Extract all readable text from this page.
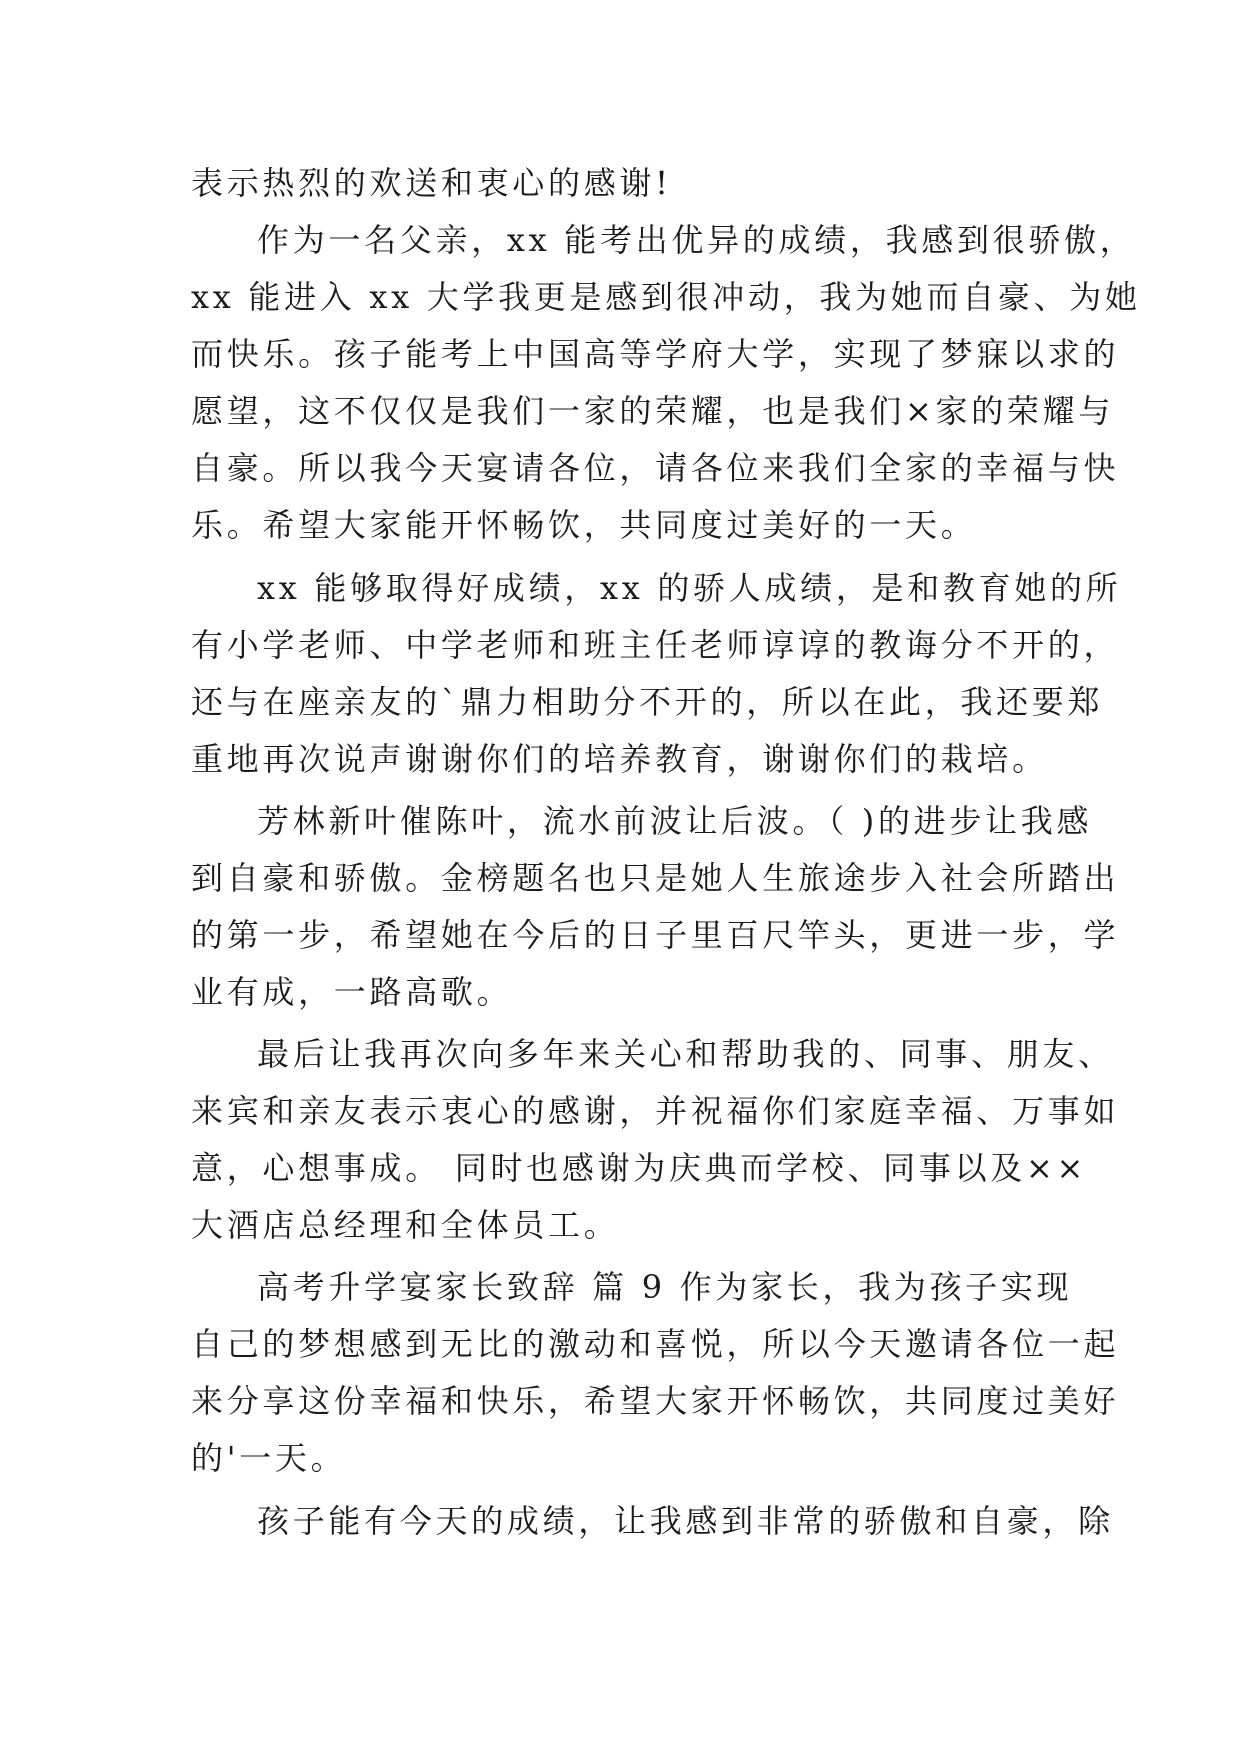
表示热烈的欢送和衷心的感谢!
作为一名父亲，xx 能考出优异的成绩，我感到很骄傲，
xx 能进入 xx 大学我更是感到很冲动，我为她而自豪、为她
而快乐。孩子能考上中国高等学府大学，实现了梦寐以求的
愿望，这不仅仅是我们一家的荣耀，也是我们×家的荣耀与
自豪。所以我今天宴请各位，请各位来我们全家的幸福与快
乐。希望大家能开怀畅饮，共同度过美好的一天。
xx 能够取得好成绩，xx 的骄人成绩，是和教育她的所
有小学老师、中学老师和班主任老师谆谆的教诲分不开的，
还与在座亲友的`鼎力相助分不开的，所以在此，我还要郑
重地再次说声谢谢你们的培养教育，谢谢你们的栽培。
芳林新叶催陈叶，流水前波让后波。（ )的进步让我感
到自豪和骄傲。金榜题名也只是她人生旅途步入社会所踏出
的第一步，希望她在今后的日子里百尺竿头，更进一步，学
业有成，一路高歌。
最后让我再次向多年来关心和帮助我的、同事、朋友、
来宾和亲友表示衷心的感谢，并祝福你们家庭幸福、万事如
意，心想事成。 同时也感谢为庆典而学校、同事以及××
大酒店总经理和全体员工。
高考升学宴家长致辞 篇 9 作为家长，我为孩子实现
自己的梦想感到无比的激动和喜悦，所以今天邀请各位一起
来分享这份幸福和快乐，希望大家开怀畅饮，共同度过美好
的'一天。
孩子能有今天的成绩，让我感到非常的骄傲和自豪，除
